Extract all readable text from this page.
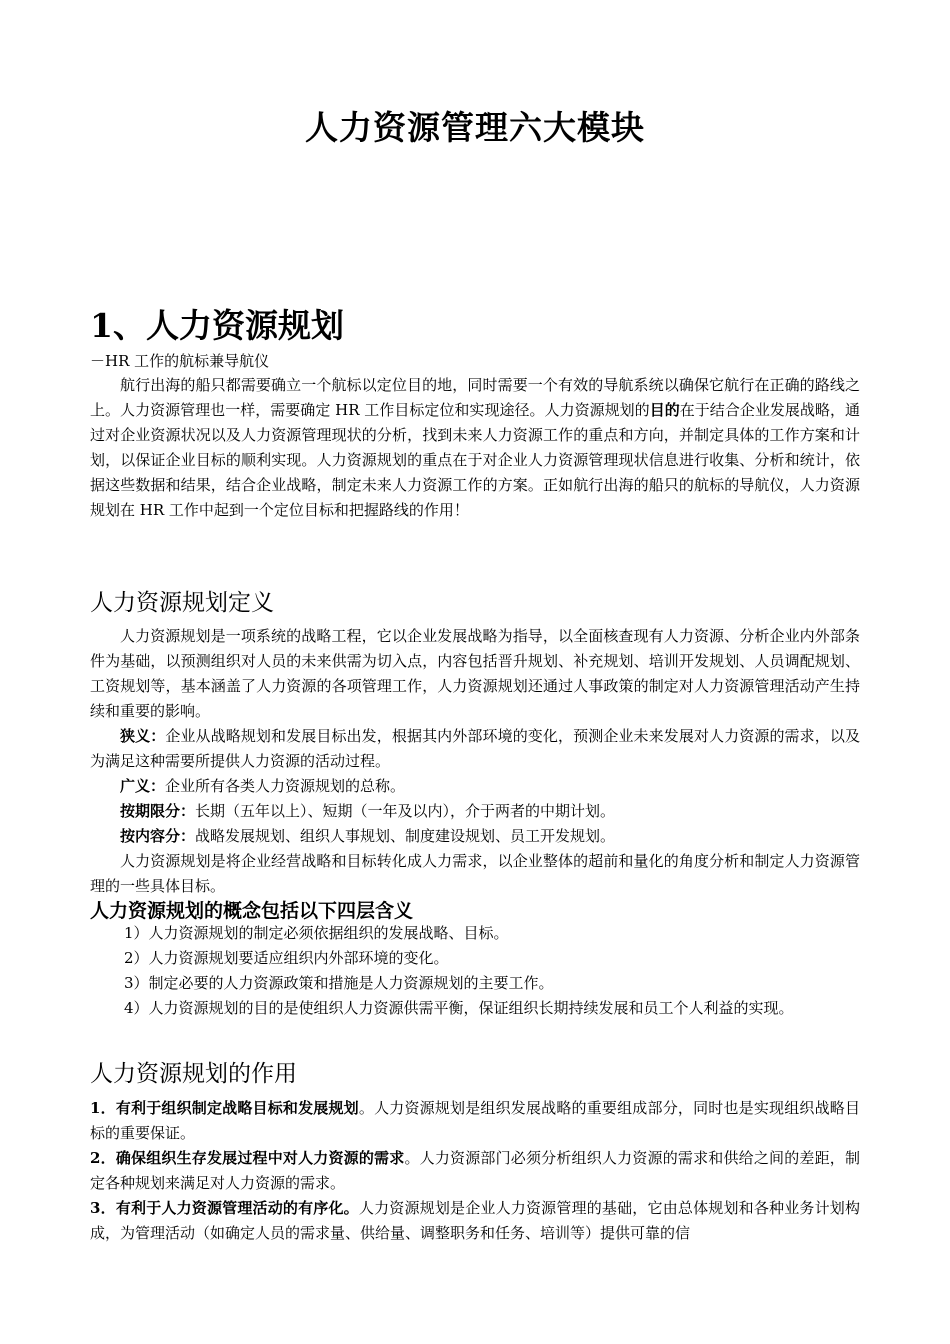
人力资源管理六大模块
1、人力资源规划
－HR 工作的航标兼导航仪

航行出海的船只都需要确立一个航标以定位目的地，同时需要一个有效的导航系统以确保它航行在正确的路线之上。人力资源管理也一样，需要确定 HR 工作目标定位和实现途径。人力资源规划的目的在于结合企业发展战略，通过对企业资源状况以及人力资源管理现状的分析，找到未来人力资源工作的重点和方向，并制定具体的工作方案和计划，以保证企业目标的顺利实现。人力资源规划的重点在于对企业人力资源管理现状信息进行收集、分析和统计，依据这些数据和结果，结合企业战略，制定未来人力资源工作的方案。正如航行出海的船只的航标的导航仪，人力资源规划在 HR 工作中起到一个定位目标和把握路线的作用！

人力资源规划定义

人力资源规划是一项系统的战略工程，它以企业发展战略为指导，以全面核查现有人力资源、分析企业内外部条件为基础，以预测组织对人员的未来供需为切入点，内容包括晋升规划、补充规划、培训开发规划、人员调配规划、工资规划等，基本涵盖了人力资源的各项管理工作，人力资源规划还通过人事政策的制定对人力资源管理活动产生持续和重要的影响。

狭义：企业从战略规划和发展目标出发，根据其内外部环境的变化，预测企业未来发展对人力资源的需求，以及为满足这种需要所提供人力资源的活动过程。

广义：企业所有各类人力资源规划的总称。

按期限分：长期（五年以上）、短期（一年及以内），介于两者的中期计划。

按内容分：战略发展规划、组织人事规划、制度建设规划、员工开发规划。

人力资源规划是将企业经营战略和目标转化成人力需求，以企业整体的超前和量化的角度分析和制定人力资源管理的一些具体目标。

人力资源规划的概念包括以下四层含义

1）人力资源规划的制定必须依据组织的发展战略、目标。

2）人力资源规划要适应组织内外部环境的变化。

3）制定必要的人力资源政策和措施是人力资源规划的主要工作。

4）人力资源规划的目的是使组织人力资源供需平衡，保证组织长期持续发展和员工个人利益的实现。

人力资源规划的作用

1．有利于组织制定战略目标和发展规划。人力资源规划是组织发展战略的重要组成部分，同时也是实现组织战略目标的重要保证。

2．确保组织生存发展过程中对人力资源的需求。人力资源部门必须分析组织人力资源的需求和供给之间的差距，制定各种规划来满足对人力资源的需求。

3．有利于人力资源管理活动的有序化。人力资源规划是企业人力资源管理的基础，它由总体规划和各种业务计划构成，为管理活动（如确定人员的需求量、供给量、调整职务和任务、培训等）提供可靠的信
